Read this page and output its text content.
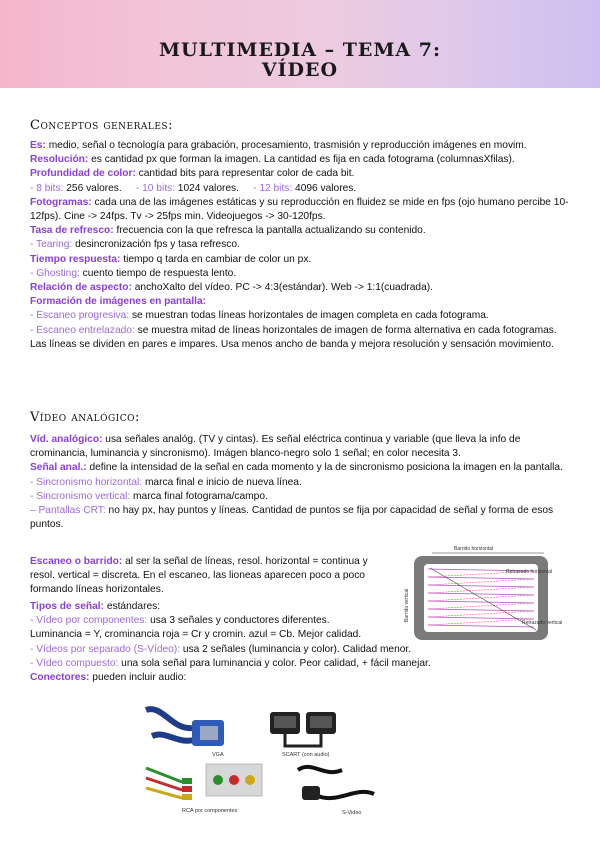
MULTIMEDIA – TEMA 7:
VÍDEO
Conceptos generales:

Es: medio, señal o tecnología para grabación, procesamiento, trasmisión y reproducción imágenes en movim.

Resolución: es cantidad px que forman la imagen. La cantidad es fija en cada fotograma (columnasXfilas).

Profundidad de color: cantidad bits para representar color de cada bit.

- 8 bits: 256 valores.     - 10 bits: 1024 valores.     - 12 bits: 4096 valores.

Fotogramas: cada una de las imágenes estáticas y su reproducción en fluidez se mide en fps (ojo humano percibe 10-12fps). Cine -> 24fps. Tv -> 25fps min. Videojuegos -> 30-120fps.

Tasa de refresco: frecuencia con la que refresca la pantalla actualizando su contenido.

- Tearing: desincronización fps y tasa refresco.

Tiempo respuesta: tiempo q tarda en cambiar de color un px.

- Ghosting: cuento tiempo de respuesta lento.

Relación de aspecto: anchoXalto del vídeo. PC -> 4:3(estándar). Web -> 1:1(cuadrada).

Formación de imágenes en pantalla:

- Escaneo progresiva: se muestran todas líneas horizontales de imagen completa en cada fotograma.

- Escaneo entrelazado: se muestra mitad de líneas horizontales de imagen de forma alternativa en cada fotogramas. Las líneas se dividen en pares e impares. Usa menos ancho de banda y mejora resolución y sensación movimiento.

Vídeo analógico:

Víd. analógico: usa señales analóg. (TV y cintas). Es señal eléctrica continua y variable (que lleva la info de crominancia, luminancia y sincronismo). Imágen blanco-negro solo 1 señal; en color necesita 3.

Señal anal.: define la intensidad de la señal en cada momento y la de sincronismo posiciona la imagen en la pantalla.

- Sincronismo horizontal: marca final e inicio de nueva línea.

- Sincronismo vertical: marca final fotograma/campo.

– Pantallas CRT: no hay px, hay puntos y líneas. Cantidad de puntos se fija por capacidad de señal y forma de esos puntos.

Escaneo o barrido: al ser la señal de líneas, resol. horizontal = continua y resol. vertical = discreta. En el escaneo, las lioneas aparecen poco a poco formando líneas horizontales.

Tipos de señal: estándares:

- Vídeo por componentes: usa 3 señales y conductores diferentes.

Luminancia = Y, crominancia roja = Cr y cromin. azul = Cb. Mejor calidad.

- Vídeos por separado (S-Vídeo): usa 2 señales (luminancia y color). Calidad menor.

- Vídeo compuesto: una sola señal para luminancia y color. Peor calidad, + fácil manejar.

Conectores: pueden incluir audio:

Barrido horizontal
Barrido vertical
Retrazado horizontal
Retrazado vertical
VGA	SCART (con audio)
RCA por componentes	S-Video
